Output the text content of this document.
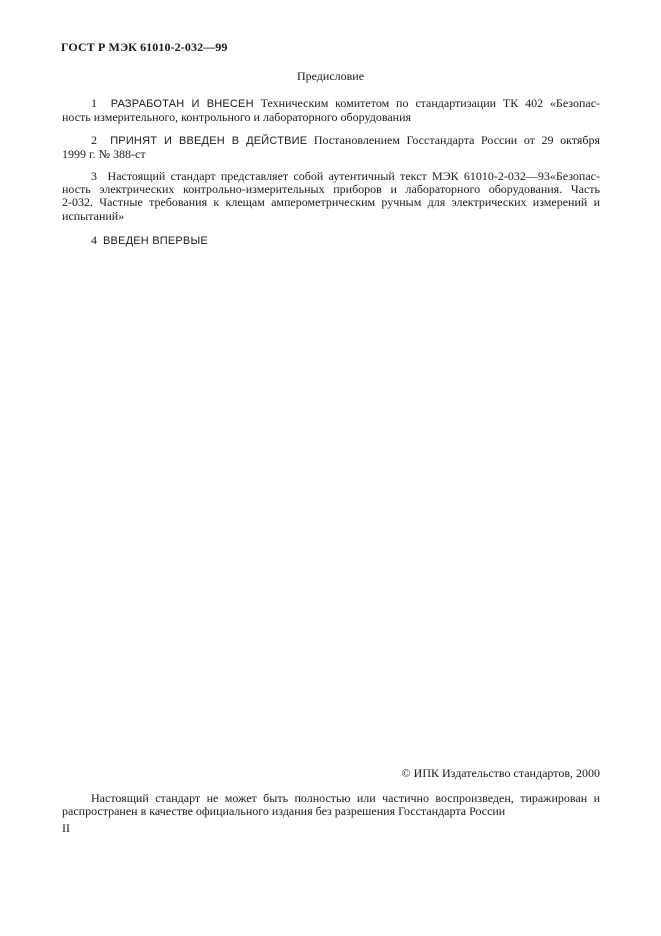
ГОСТ Р МЭК 61010-2-032—99
Предисловие
1 РАЗРАБОТАН И ВНЕСЕН Техническим комитетом по стандартизации ТК 402 «Безопас-
ность измерительного, контрольного и лабораторного оборудования
2 ПРИНЯТ И ВВЕДЕН В ДЕЙСТВИЕ Постановлением Госстандарта России от 29 октября
1999 г. № 388-ст
3 Настоящий стандарт представляет собой аутентичный текст МЭК 61010-2-032—93«Безопас-
ность электрических контрольно-измерительных приборов и лабораторного оборудования. Часть
2-032. Частные требования к клещам амперометрическим ручным для электрических измерений и
испытаний»
4 ВВЕДЕН ВПЕРВЫЕ
© ИПК Издательство стандартов, 2000
Настоящий стандарт не может быть полностью или частично воспроизведен, тиражирован и
распространен в качестве официального издания без разрешения Госстандарта России
II
